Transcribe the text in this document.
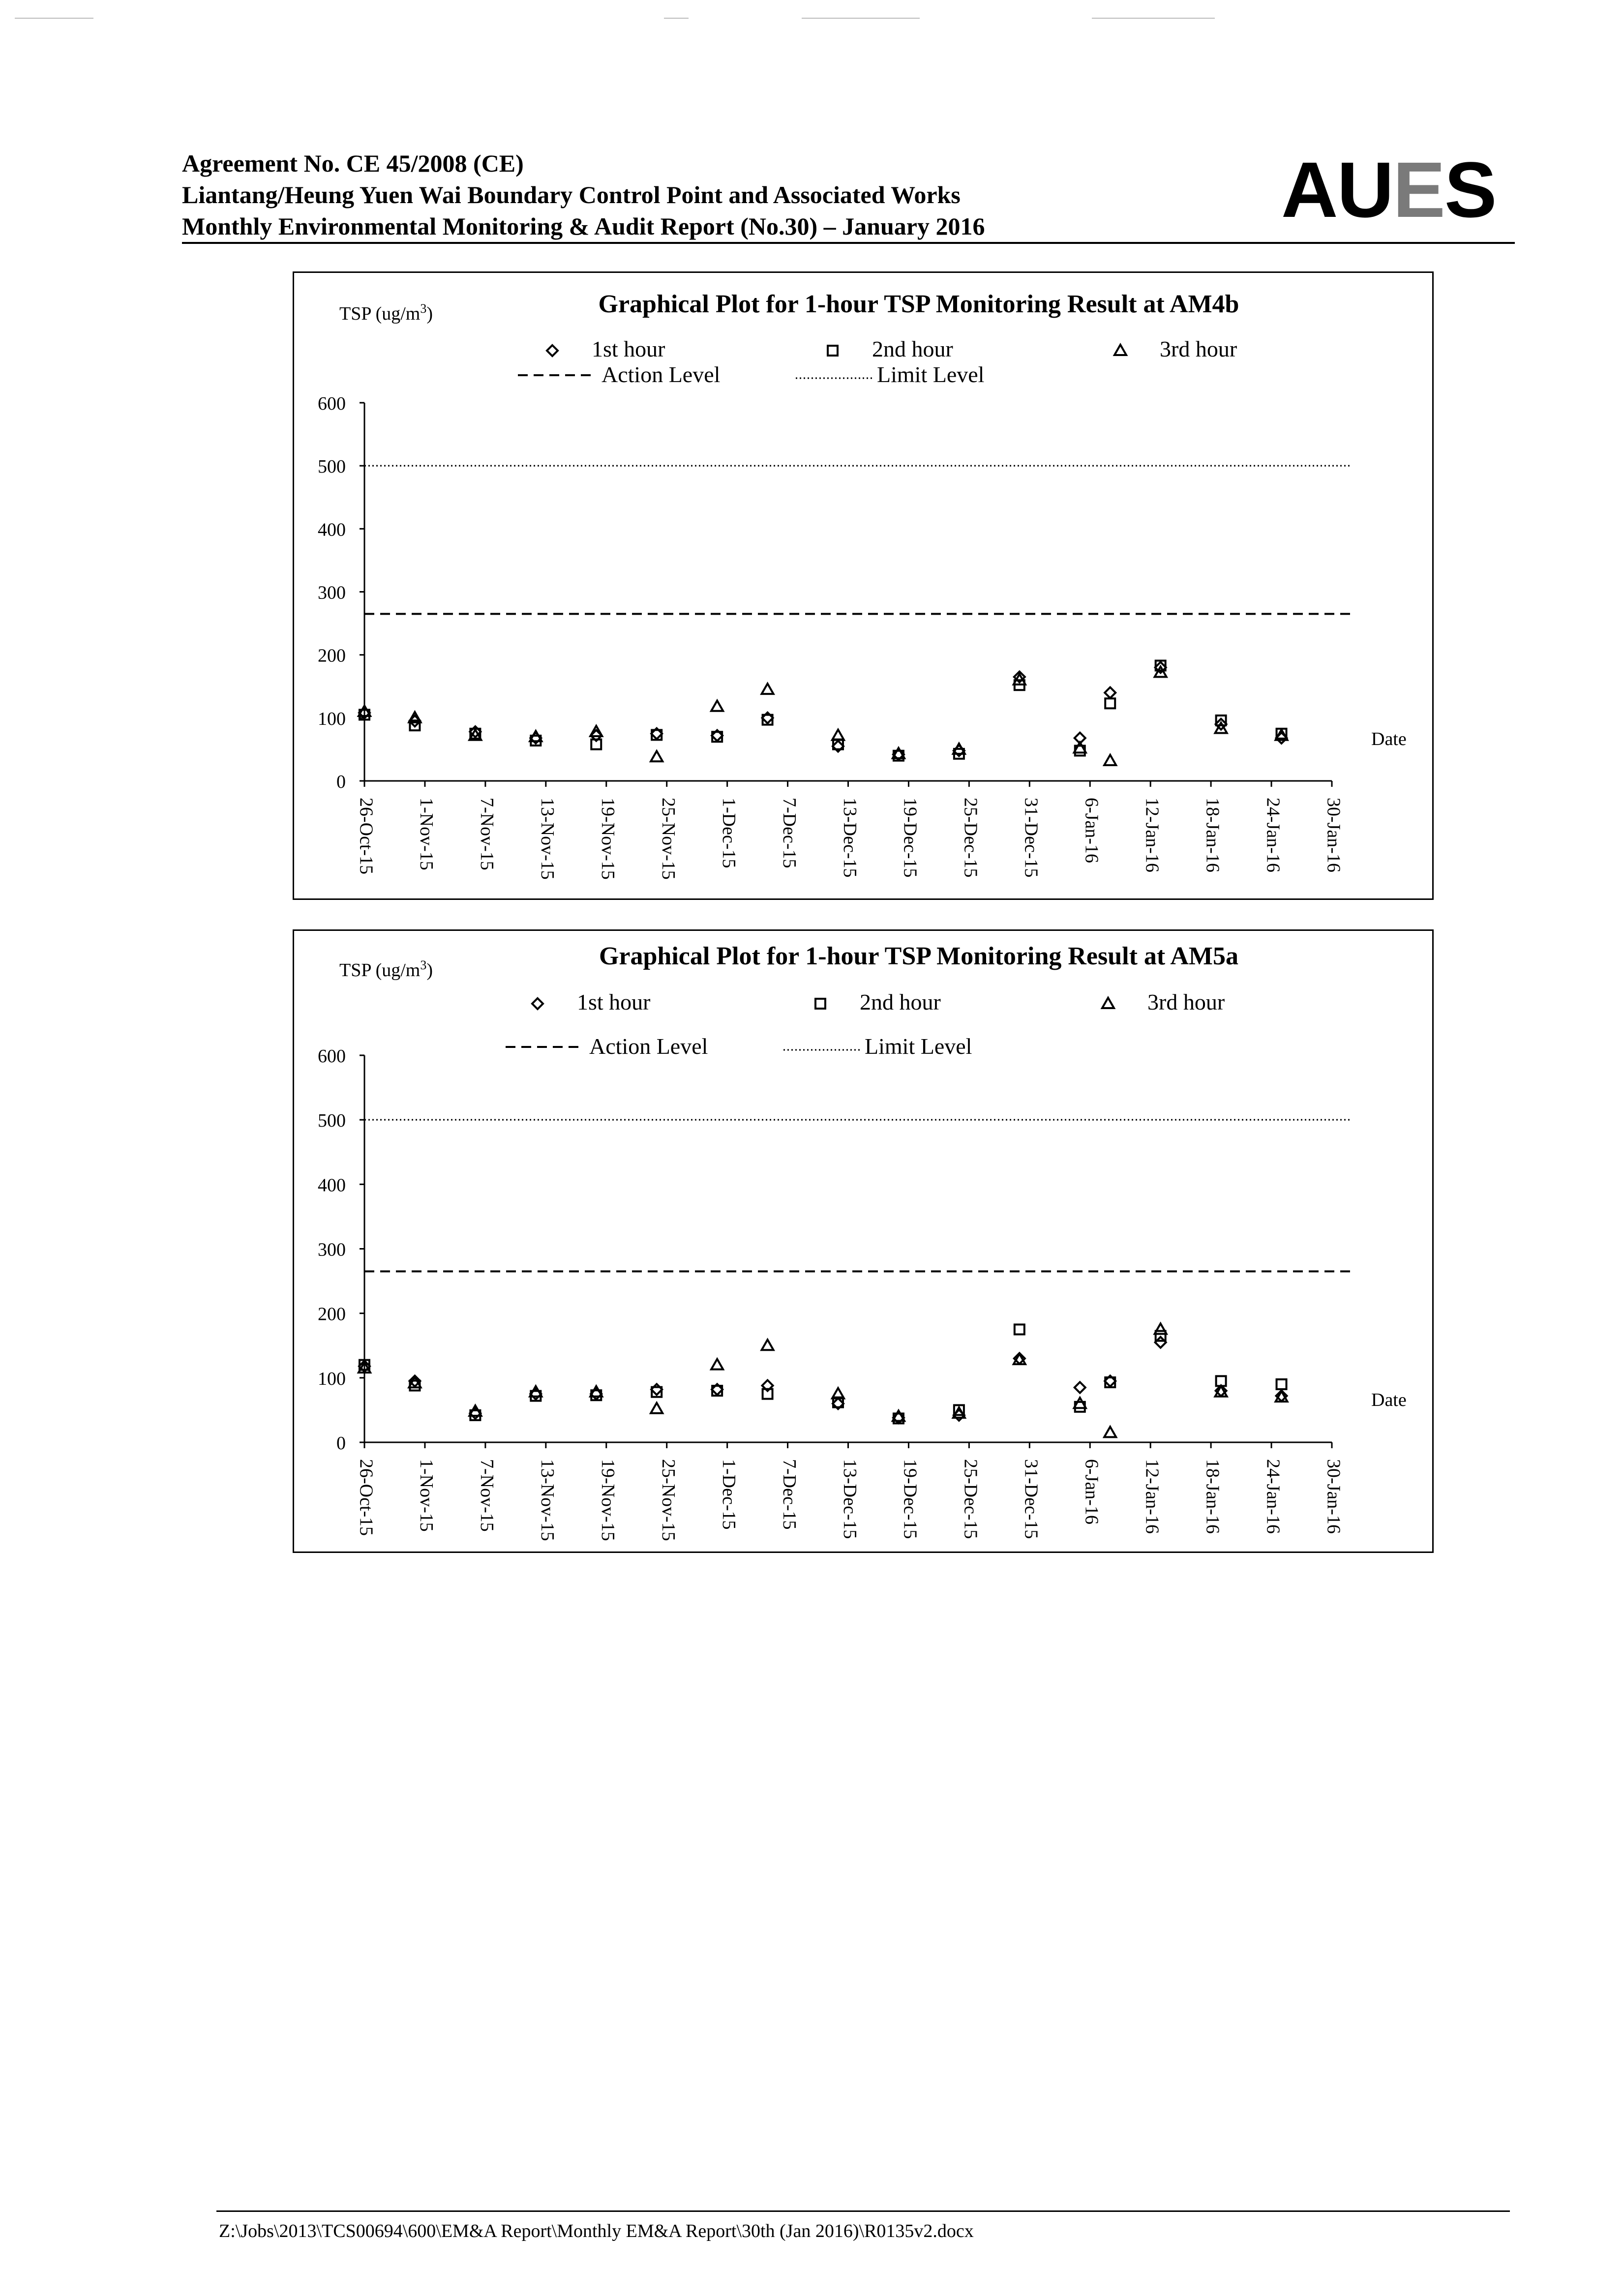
Agreement No. CE 45/2008 (CE)
Liantang/Heung Yuen Wai Boundary Control Point and Associated Works
Monthly Environmental Monitoring & Audit Report (No.30) – January 2016	AUES
Graphical Plot for 1-hour TSP Monitoring Result at AM4b
TSP $(ug/m^3)$
1st hour	2nd hour	3rd hour
Action Level	Limit Level
0
100
200
300
400
500
600
26-Oct-15 1-Nov-15 7-Nov-15 13-Nov-15 19-Nov-15 25-Nov-15 1-Dec-15 7-Dec-15 13-Dec-15 19-Dec-15 25-Dec-15 31-Dec-15 6-Jan-16 12-Jan-16 18-Jan-16 24-Jan-16 30-Jan-16
Date
Graphical Plot for 1-hour TSP Monitoring Result at AM5a
TSP $(ug/m^3)$
1st hour	2nd hour	3rd hour
Action Level	Limit Level
0
100
200
300
400
500
600
26-Oct-15 1-Nov-15 7-Nov-15 13-Nov-15 19-Nov-15 25-Nov-15 1-Dec-15 7-Dec-15 13-Dec-15 19-Dec-15 25-Dec-15 31-Dec-15 6-Jan-16 12-Jan-16 18-Jan-16 24-Jan-16 30-Jan-16
Date
Z:\Jobs\2013\TCS00694\600\EM&A Report\Monthly EM&A Report\30th (Jan 2016)\R0135v2.docx
